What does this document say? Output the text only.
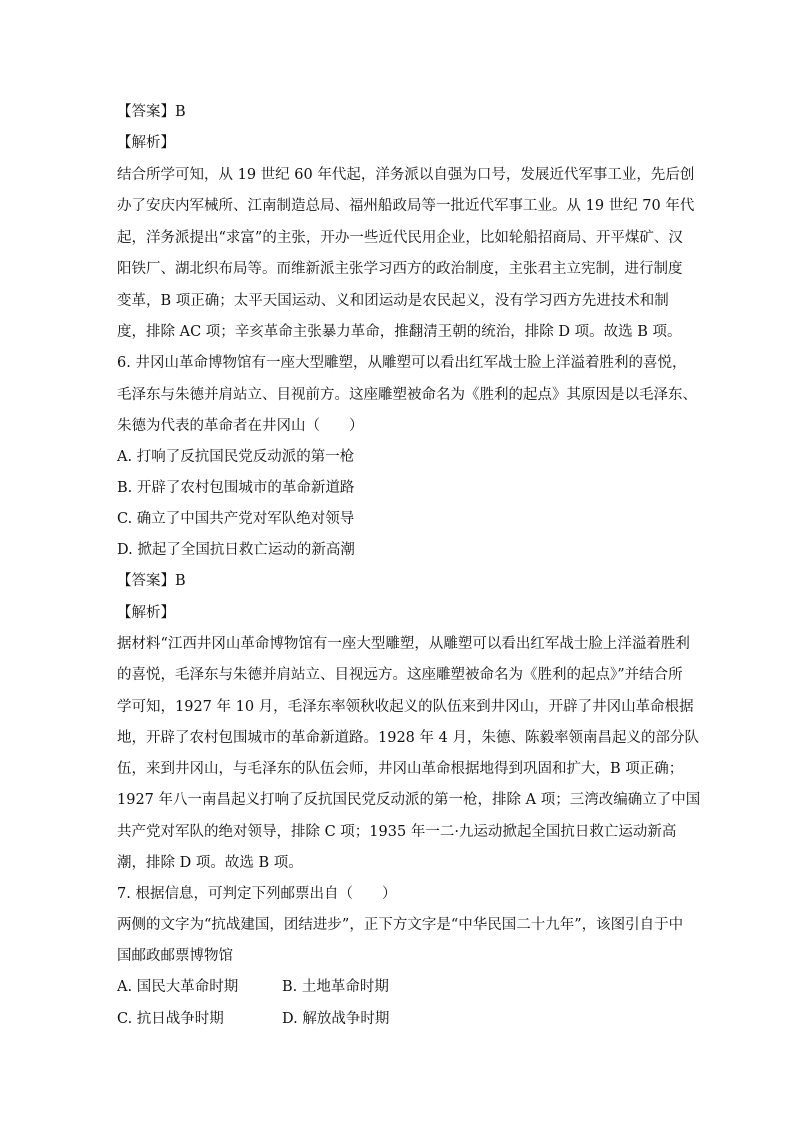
【答案】B
【解析】
结合所学可知，从 19 世纪 60 年代起，洋务派以自强为口号，发展近代军事工业，先后创
办了安庆内军械所、江南制造总局、福州船政局等一批近代军事工业。从 19 世纪 70 年代
起，洋务派提出“求富”的主张，开办一些近代民用企业，比如轮船招商局、开平煤矿、汉
阳铁厂、湖北织布局等。而维新派主张学习西方的政治制度，主张君主立宪制，进行制度
变革，B 项正确；太平天国运动、义和团运动是农民起义，没有学习西方先进技术和制
度，排除 AC 项；辛亥革命主张暴力革命，推翻清王朝的统治，排除 D 项。故选 B 项。
6. 井冈山革命博物馆有一座大型雕塑，从雕塑可以看出红军战士脸上洋溢着胜利的喜悦，
毛泽东与朱德并肩站立、目视前方。这座雕塑被命名为《胜利的起点》其原因是以毛泽东、
朱德为代表的革命者在井冈山（　　）
A. 打响了反抗国民党反动派的第一枪
B. 开辟了农村包围城市的革命新道路
C. 确立了中国共产党对军队绝对领导
D. 掀起了全国抗日救亡运动的新高潮
【答案】B
【解析】
据材料“江西井冈山革命博物馆有一座大型雕塑，从雕塑可以看出红军战士脸上洋溢着胜利
的喜悦，毛泽东与朱德并肩站立、目视远方。这座雕塑被命名为《胜利的起点》”并结合所
学可知，1927 年 10 月，毛泽东率领秋收起义的队伍来到井冈山，开辟了井冈山革命根据
地，开辟了农村包围城市的革命新道路。1928 年 4 月，朱德、陈毅率领南昌起义的部分队
伍，来到井冈山，与毛泽东的队伍会师，井冈山革命根据地得到巩固和扩大，B 项正确；
1927 年八一南昌起义打响了反抗国民党反动派的第一枪，排除 A 项；三湾改编确立了中国
共产党对军队的绝对领导，排除 C 项；1935 年一二·九运动掀起全国抗日救亡运动新高
潮，排除 D 项。故选 B 项。
7. 根据信息，可判定下列邮票出自（　　）
两侧的文字为“抗战建国，团结进步”，正下方文字是“中华民国二十九年”，该图引自于中
国邮政邮票博物馆
A. 国民大革命时期	B. 土地革命时期
C. 抗日战争时期	D. 解放战争时期
